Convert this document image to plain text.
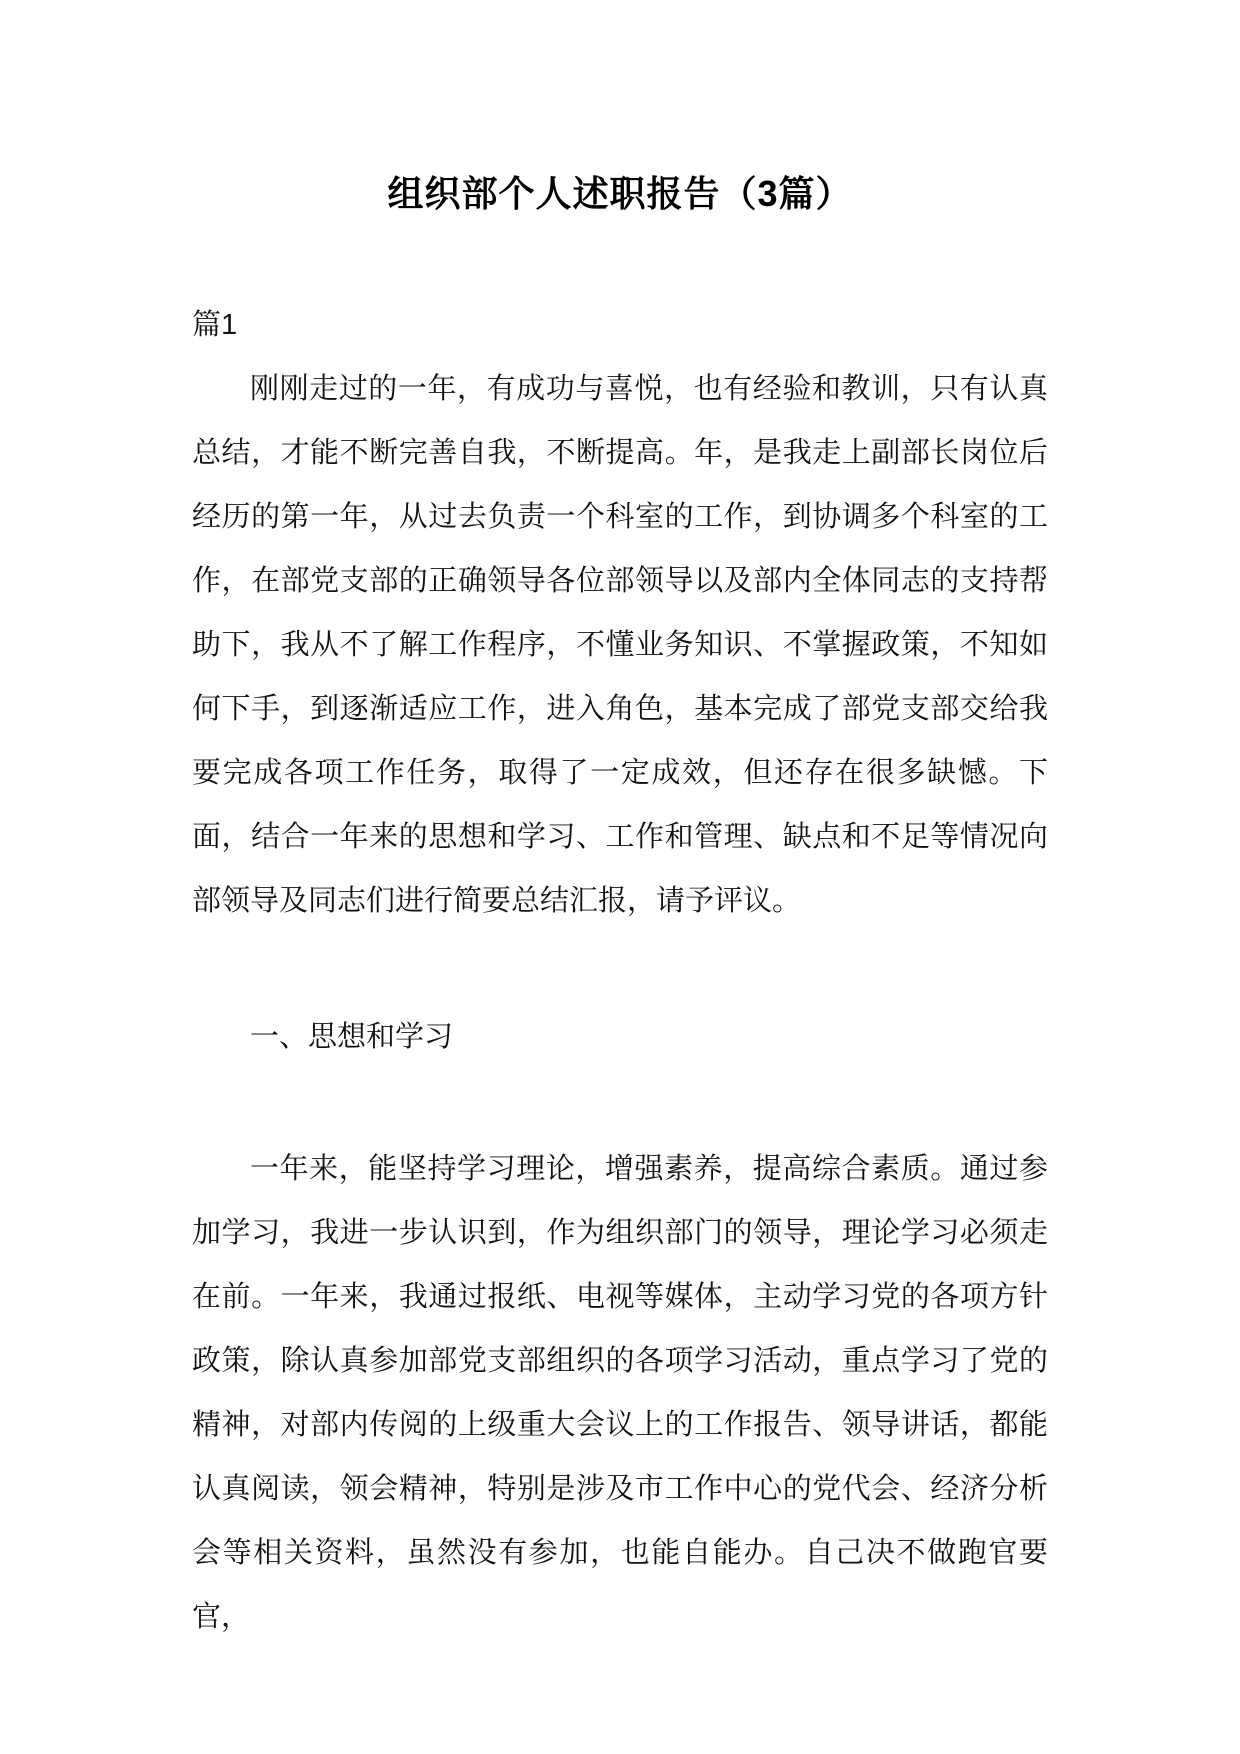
组织部个人述职报告（3篇）

篇1

刚刚走过的一年，有成功与喜悦，也有经验和教训，只有认真总结，才能不断完善自我，不断提高。年，是我走上副部长岗位后经历的第一年，从过去负责一个科室的工作，到协调多个科室的工作，在部党支部的正确领导各位部领导以及部内全体同志的支持帮助下，我从不了解工作程序，不懂业务知识、不掌握政策，不知如何下手，到逐渐适应工作，进入角色，基本完成了部党支部交给我要完成各项工作任务，取得了一定成效，但还存在很多缺憾。下面，结合一年来的思想和学习、工作和管理、缺点和不足等情况向部领导及同志们进行简要总结汇报，请予评议。

一、思想和学习

一年来，能坚持学习理论，增强素养，提高综合素质。通过参加学习，我进一步认识到，作为组织部门的领导，理论学习必须走在前。一年来，我通过报纸、电视等媒体，主动学习党的各项方针政策，除认真参加部党支部组织的各项学习活动，重点学习了党的精神，对部内传阅的上级重大会议上的工作报告、领导讲话，都能认真阅读，领会精神，特别是涉及市工作中心的党代会、经济分析会等相关资料，虽然没有参加，也能自能办。自己决不做跑官要官，
